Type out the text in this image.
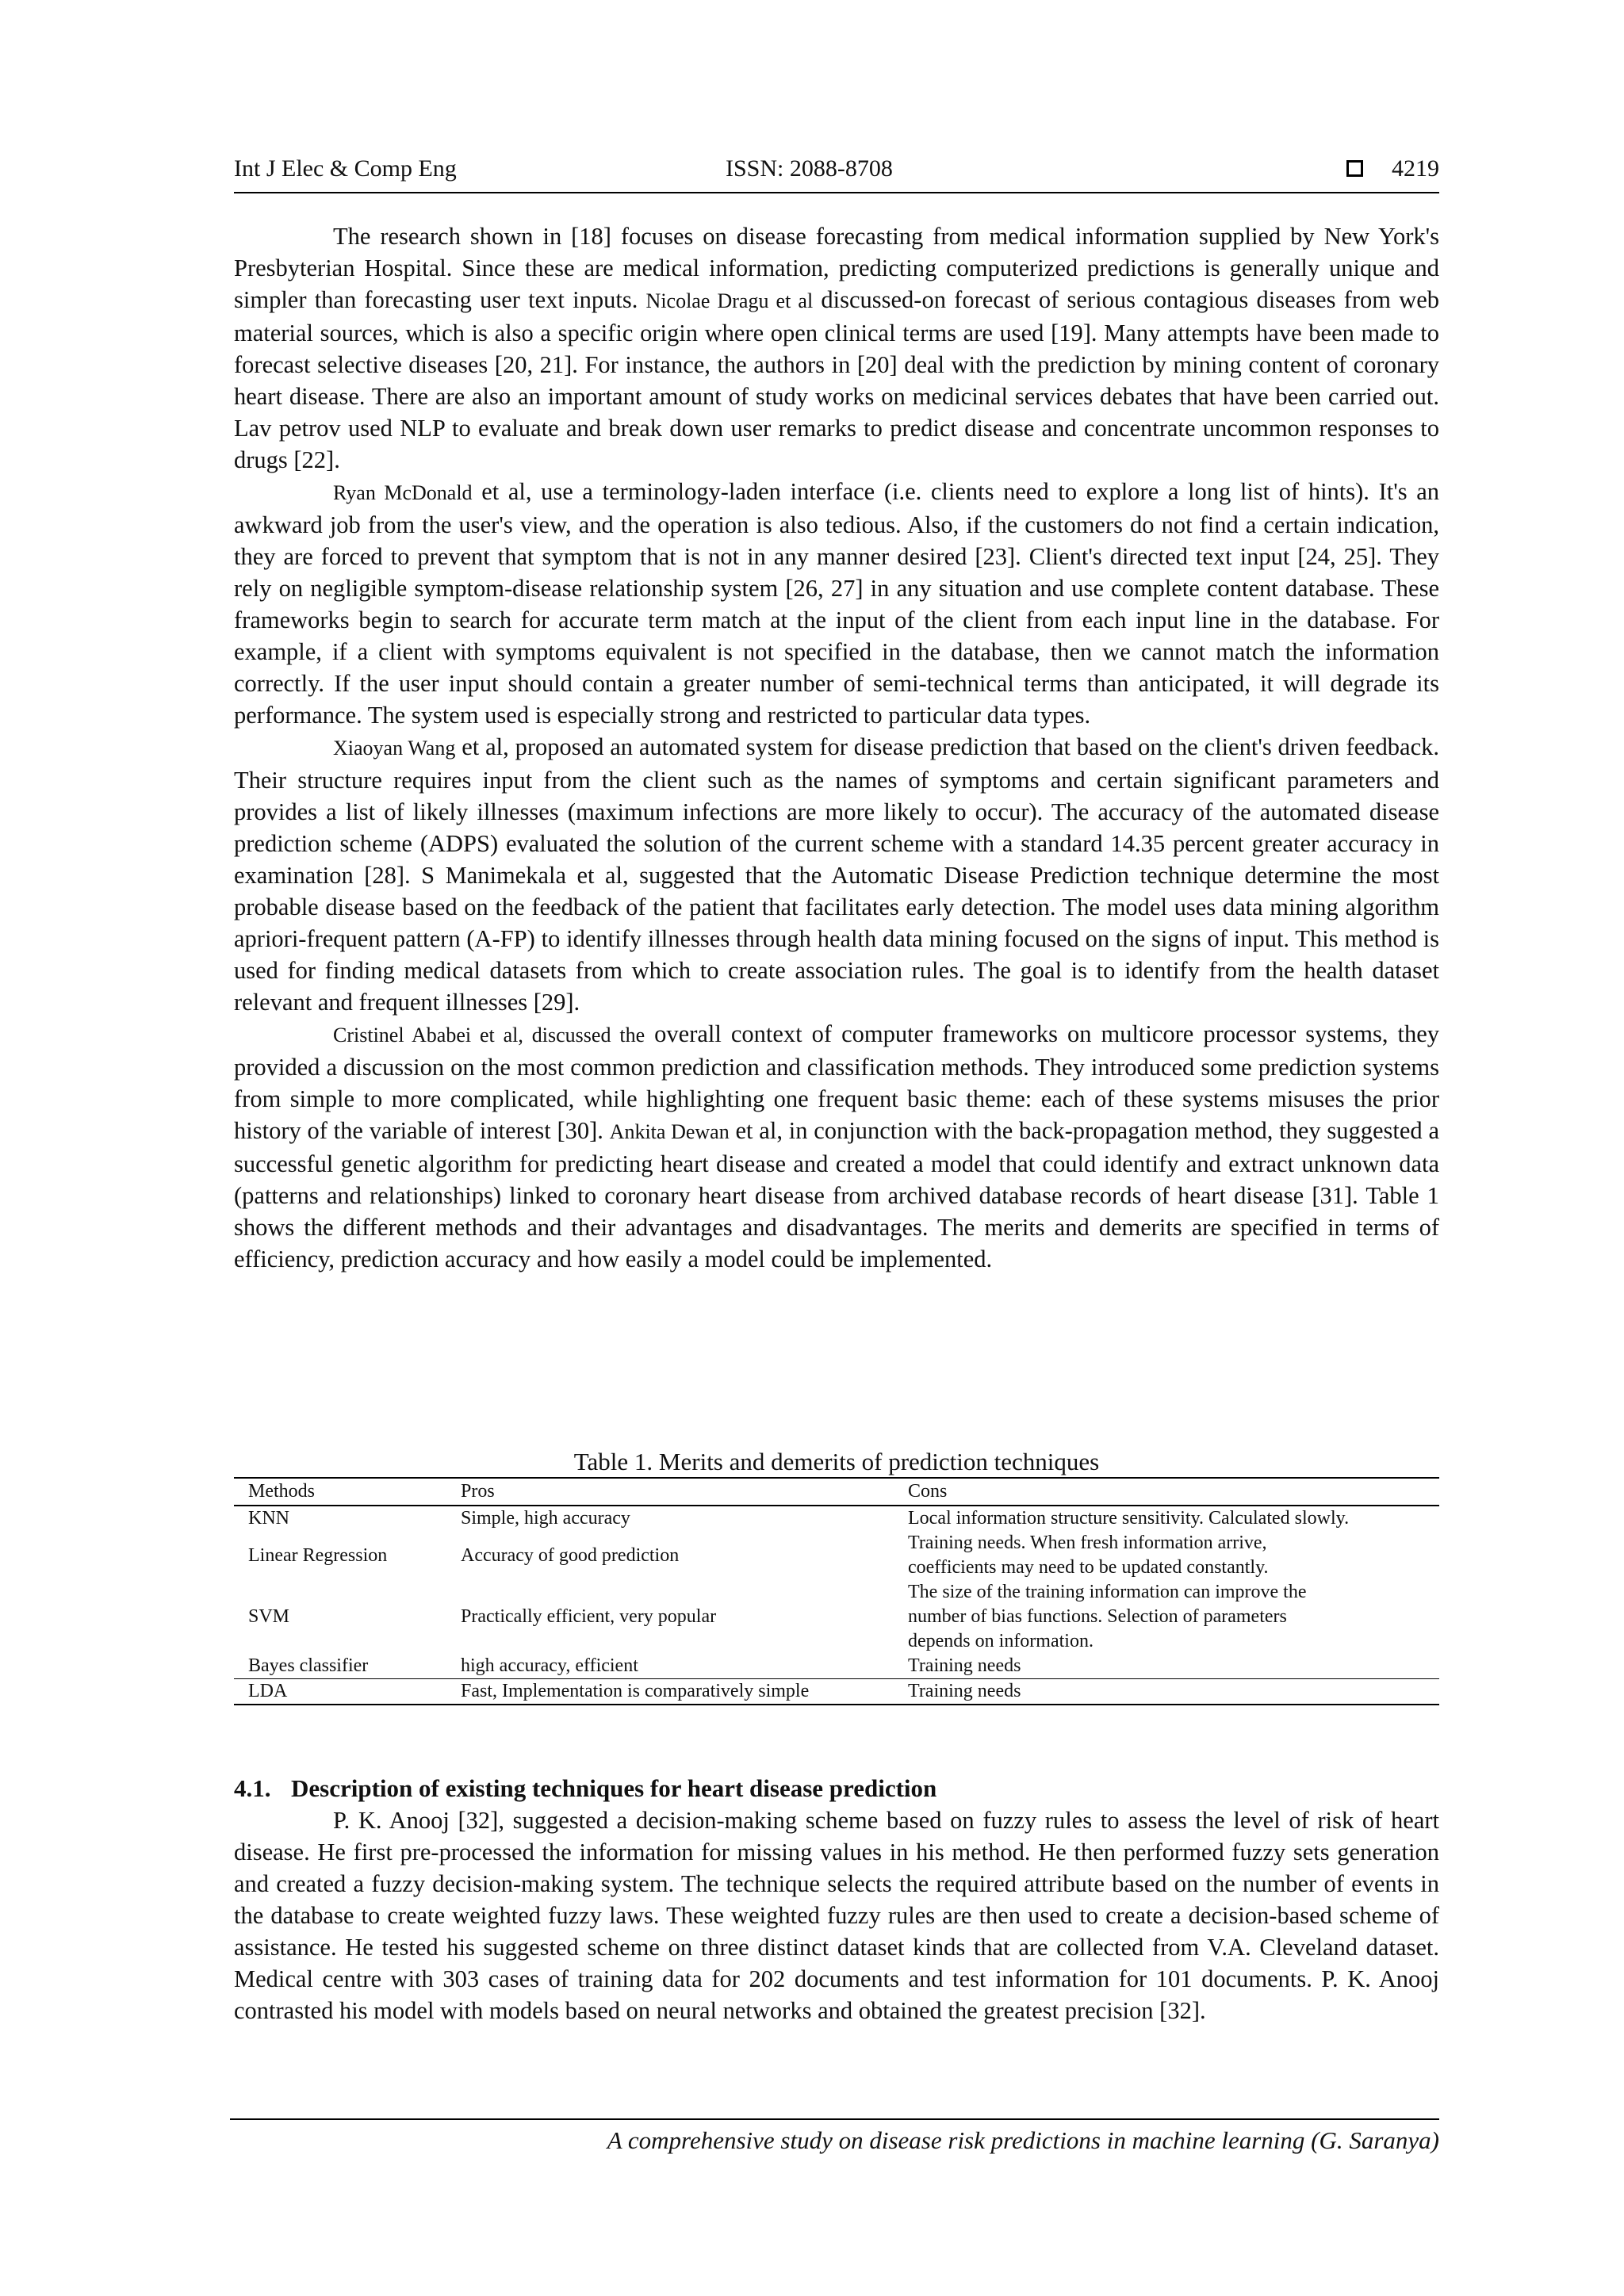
Int J Elec & Comp Eng	ISSN: 2088-8708	4219

The research shown in [18] focuses on disease forecasting from medical information supplied by New York's Presbyterian Hospital. Since these are medical information, predicting computerized predictions is generally unique and simpler than forecasting user text inputs. Nicolae Dragu et al discussed-on forecast of serious contagious diseases from web material sources, which is also a specific origin where open clinical terms are used [19]. Many attempts have been made to forecast selective diseases [20, 21]. For instance, the authors in [20] deal with the prediction by mining content of coronary heart disease. There are also an important amount of study works on medicinal services debates that have been carried out. Lav petrov used NLP to evaluate and break down user remarks to predict disease and concentrate uncommon responses to drugs [22].

Ryan McDonald et al, use a terminology-laden interface (i.e. clients need to explore a long list of hints). It's an awkward job from the user's view, and the operation is also tedious. Also, if the customers do not find a certain indication, they are forced to prevent that symptom that is not in any manner desired [23]. Client's directed text input [24, 25]. They rely on negligible symptom-disease relationship system [26, 27] in any situation and use complete content database. These frameworks begin to search for accurate term match at the input of the client from each input line in the database. For example, if a client with symptoms equivalent is not specified in the database, then we cannot match the information correctly. If the user input should contain a greater number of semi-technical terms than anticipated, it will degrade its performance. The system used is especially strong and restricted to particular data types.

Xiaoyan Wang et al, proposed an automated system for disease prediction that based on the client's driven feedback. Their structure requires input from the client such as the names of symptoms and certain significant parameters and provides a list of likely illnesses (maximum infections are more likely to occur). The accuracy of the automated disease prediction scheme (ADPS) evaluated the solution of the current scheme with a standard 14.35 percent greater accuracy in examination [28]. S Manimekala et al, suggested that the Automatic Disease Prediction technique determine the most probable disease based on the feedback of the patient that facilitates early detection. The model uses data mining algorithm apriori-frequent pattern (A-FP) to identify illnesses through health data mining focused on the signs of input. This method is used for finding medical datasets from which to create association rules. The goal is to identify from the health dataset relevant and frequent illnesses [29].

Cristinel Ababei et al, discussed the overall context of computer frameworks on multicore processor systems, they provided a discussion on the most common prediction and classification methods. They introduced some prediction systems from simple to more complicated, while highlighting one frequent basic theme: each of these systems misuses the prior history of the variable of interest [30]. Ankita Dewan et al, in conjunction with the back-propagation method, they suggested a successful genetic algorithm for predicting heart disease and created a model that could identify and extract unknown data (patterns and relationships) linked to coronary heart disease from archived database records of heart disease [31]. Table 1 shows the different methods and their advantages and disadvantages. The merits and demerits are specified in terms of efficiency, prediction accuracy and how easily a model could be implemented.

Table 1. Merits and demerits of prediction techniques
Methods	Pros	Cons
KNN	Simple, high accuracy	Local information structure sensitivity. Calculated slowly.
Linear Regression	Accuracy of good prediction	Training needs. When fresh information arrive,
coefficients may need to be updated constantly.
SVM	Practically efficient, very popular	The size of the training information can improve the
number of bias functions. Selection of parameters
depends on information.
Bayes classifier	high accuracy, efficient	Training needs
LDA	Fast, Implementation is comparatively simple	Training needs
4.1. Description of existing techniques for heart disease prediction

P. K. Anooj [32], suggested a decision-making scheme based on fuzzy rules to assess the level of risk of heart disease. He first pre-processed the information for missing values in his method. He then performed fuzzy sets generation and created a fuzzy decision-making system. The technique selects the required attribute based on the number of events in the database to create weighted fuzzy laws. These weighted fuzzy rules are then used to create a decision-based scheme of assistance. He tested his suggested scheme on three distinct dataset kinds that are collected from V.A. Cleveland dataset. Medical centre with 303 cases of training data for 202 documents and test information for 101 documents. P. K. Anooj contrasted his model with models based on neural networks and obtained the greatest precision [32].

A comprehensive study on disease risk predictions in machine learning (G. Saranya)
